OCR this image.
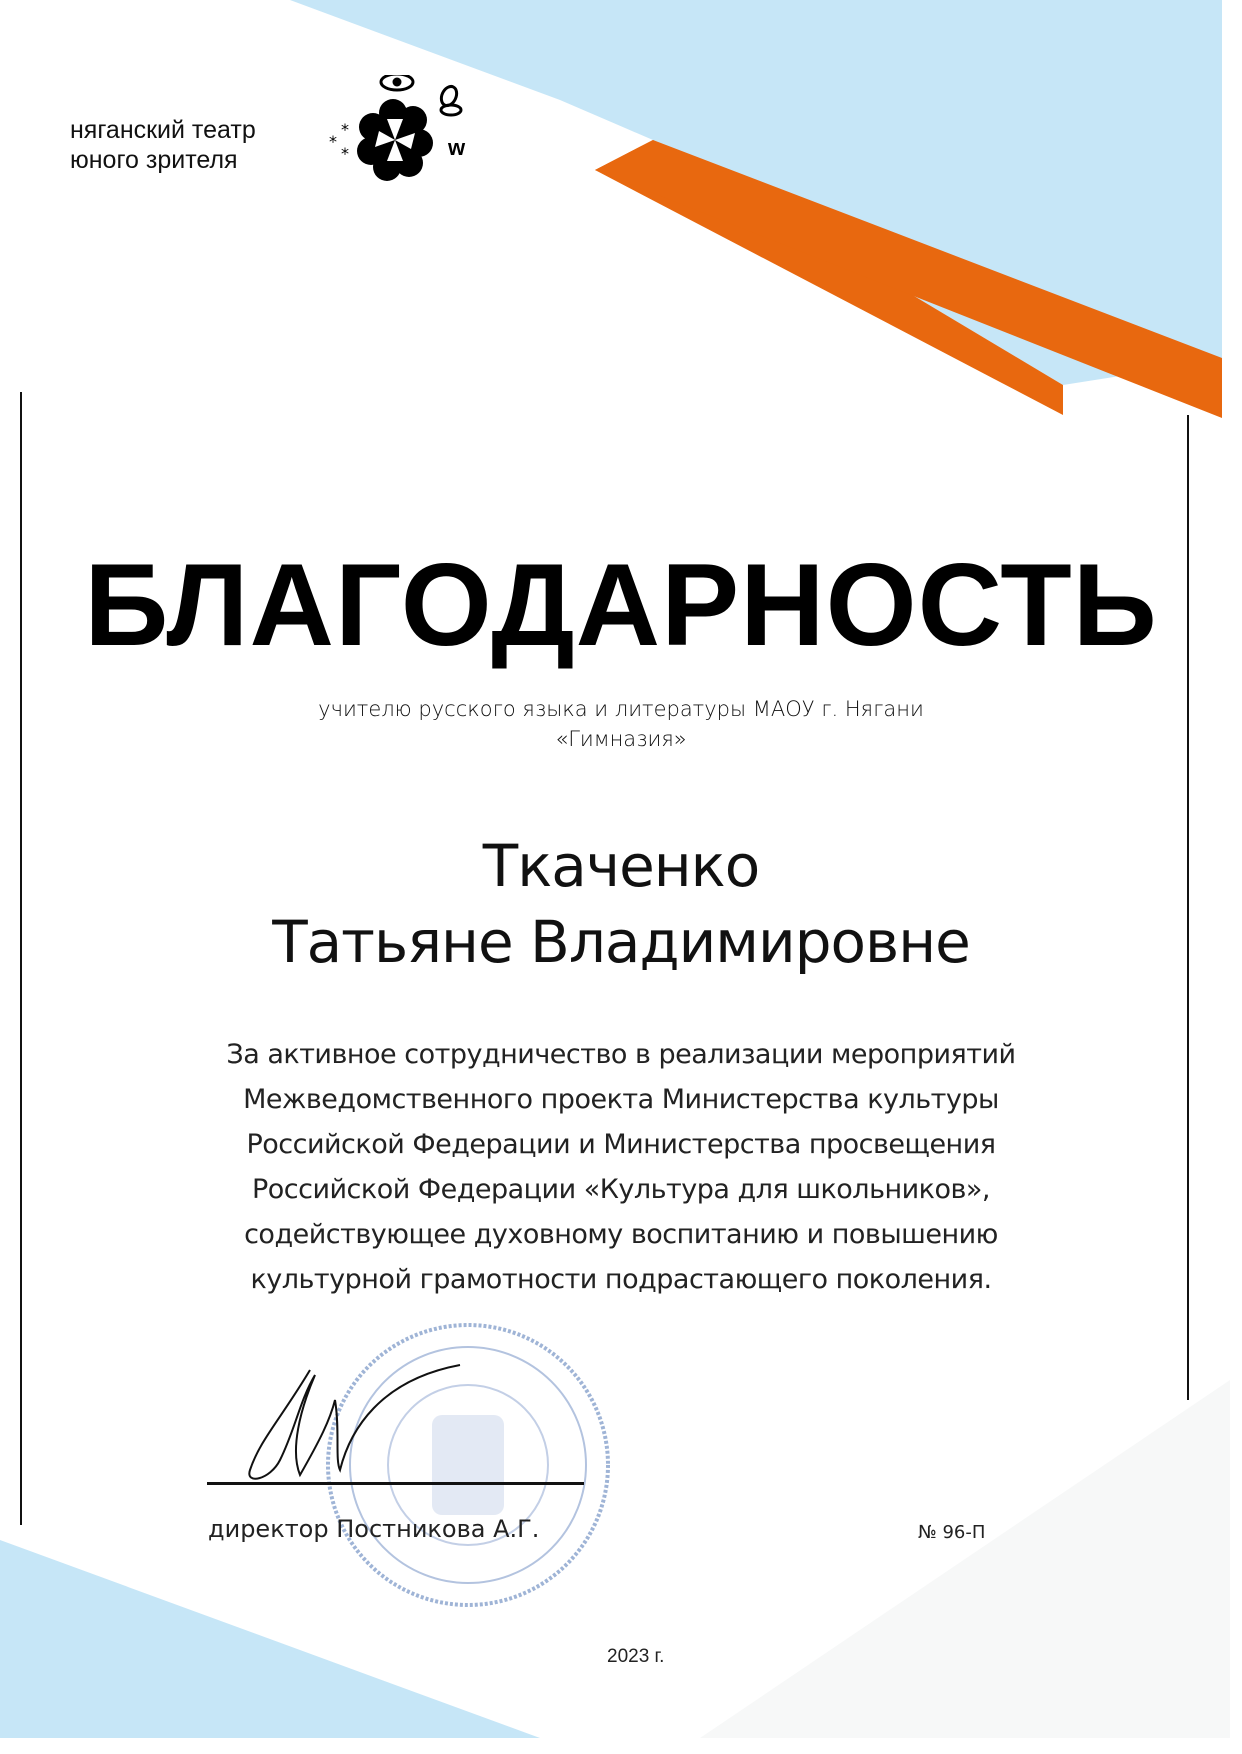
няганский театр
юного зрителя
*
*
*	w
БЛАГОДАРНОСТЬ
учителю русского языка и литературы МАОУ г. Нягани
«Гимназия»
Ткаченко
Татьяне Владимировне
За активное сотрудничество в реализации мероприятий
Межведомственного проекта Министерства культуры
Российской Федерации и Министерства просвещения
Российской Федерации «Культура для школьников»,
содействующее духовному воспитанию и повышению
культурной грамотности подрастающего поколения.
директор Постникова А.Г.	№ 96-П
2023 г.
